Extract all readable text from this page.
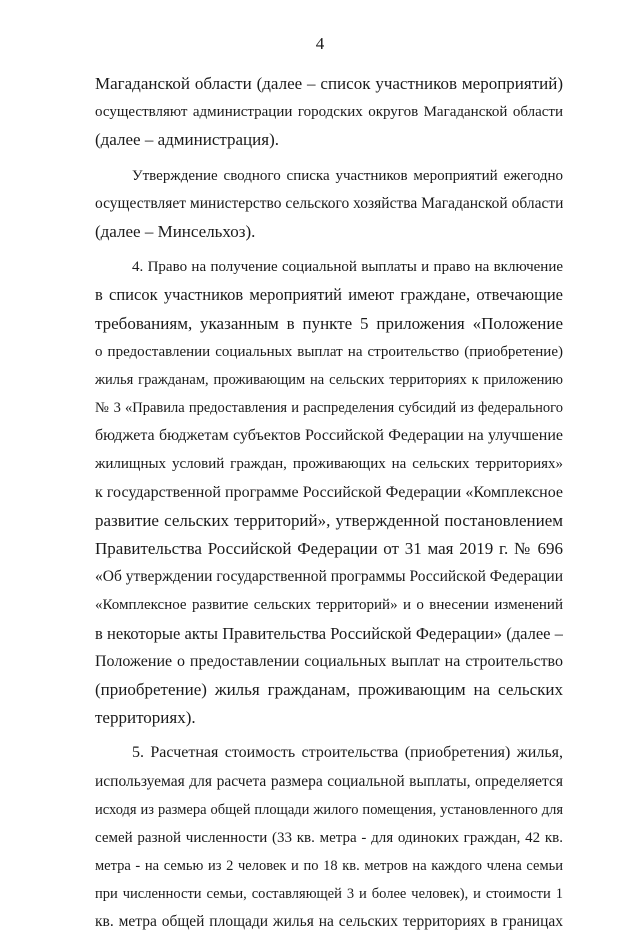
4
Магаданской области (далее – список участников мероприятий)
осуществляют администрации городских округов Магаданской области
(далее – администрация).
Утверждение сводного списка участников мероприятий ежегодно
осуществляет министерство сельского хозяйства Магаданской области
(далее – Минсельхоз).
4. Право на получение социальной выплаты и право на включение
в список участников мероприятий имеют граждане, отвечающие
требованиям, указанным в пункте 5 приложения «Положение
о предоставлении социальных выплат на строительство (приобретение)
жилья гражданам, проживающим на сельских территориях к приложению
№ 3 «Правила предоставления и распределения субсидий из федерального
бюджета бюджетам субъектов Российской Федерации на улучшение
жилищных условий граждан, проживающих на сельских территориях»
к государственной программе Российской Федерации «Комплексное
развитие сельских территорий», утвержденной постановлением
Правительства Российской Федерации от 31 мая 2019 г. № 696
«Об утверждении государственной программы Российской Федерации
«Комплексное развитие сельских территорий» и о внесении изменений
в некоторые акты Правительства Российской Федерации» (далее –
Положение о предоставлении социальных выплат на строительство
(приобретение) жилья гражданам, проживающим на сельских
территориях).
5. Расчетная стоимость строительства (приобретения) жилья,
используемая для расчета размера социальной выплаты, определяется
исходя из размера общей площади жилого помещения, установленного для
семей разной численности (33 кв. метра - для одиноких граждан, 42 кв.
метра - на семью из 2 человек и по 18 кв. метров на каждого члена семьи
при численности семьи, составляющей 3 и более человек), и стоимости 1
кв. метра общей площади жилья на сельских территориях в границах
